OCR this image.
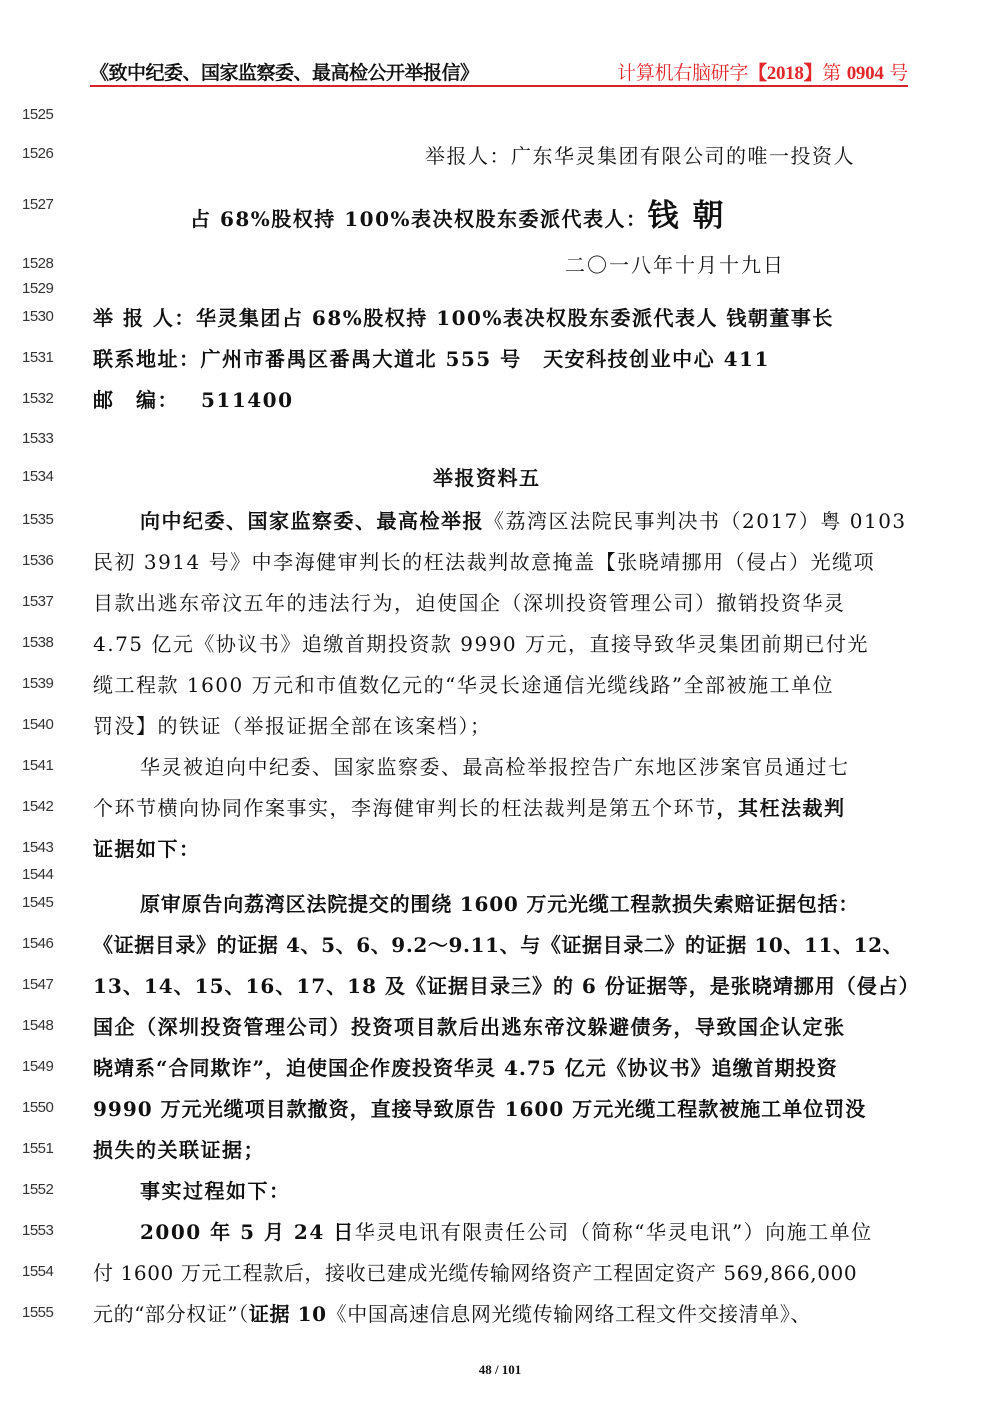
《致中纪委、国家监察委、最高检公开举报信》	计算机右脑研字【2018】第 0904 号
1525
1526
1527
1528
1529
1530
1531
1532
1533
1534
1535
1536
1537
1538
1539
1540
1541
1542
1543
1544
1545
1546
1547
1548
1549
1550
1551
1552
1553
1554
1555
举报人：广东华灵集团有限公司的唯一投资人
占 68%股权持 100%表决权股东委派代表人：钱朝
二〇一八年十月十九日
举 报 人：华灵集团占 68%股权持 100%表决权股东委派代表人 钱朝董事长
联系地址：广州市番禺区番禺大道北 555 号　天安科技创业中心 411
邮　编： 511400
举报资料五
向中纪委、国家监察委、最高检举报《荔湾区法院民事判决书（2017）粤 0103
民初 3914 号》中李海健审判长的枉法裁判故意掩盖【张晓靖挪用（侵占）光缆项
目款出逃东帝汶五年的违法行为，迫使国企（深圳投资管理公司）撤销投资华灵
4.75 亿元《协议书》追缴首期投资款 9990 万元，直接导致华灵集团前期已付光
缆工程款 1600 万元和市值数亿元的“华灵长途通信光缆线路”全部被施工单位
罚没】的铁证（举报证据全部在该案档）；
华灵被迫向中纪委、国家监察委、最高检举报控告广东地区涉案官员通过七
个环节横向协同作案事实，李海健审判长的枉法裁判是第五个环节，其枉法裁判
证据如下：
原审原告向荔湾区法院提交的围绕 1600 万元光缆工程款损失索赔证据包括：
《证据目录》的证据 4、5、6、9.2～9.11、与《证据目录二》的证据 10、11、12、
13、14、15、16、17、18 及《证据目录三》的 6 份证据等，是张晓靖挪用（侵占）
国企（深圳投资管理公司）投资项目款后出逃东帝汶躲避债务，导致国企认定张
晓靖系“合同欺诈”，迫使国企作废投资华灵 4.75 亿元《协议书》追缴首期投资
9990 万元光缆项目款撤资，直接导致原告 1600 万元光缆工程款被施工单位罚没
损失的关联证据；
事实过程如下：
2000 年 5 月 24 日华灵电讯有限责任公司（简称“华灵电讯”）向施工单位
付 1600 万元工程款后，接收已建成光缆传输网络资产工程固定资产 569,866,000
元的“部分权证”（证据 10《中国高速信息网光缆传输网络工程文件交接清单》、
48 / 101
